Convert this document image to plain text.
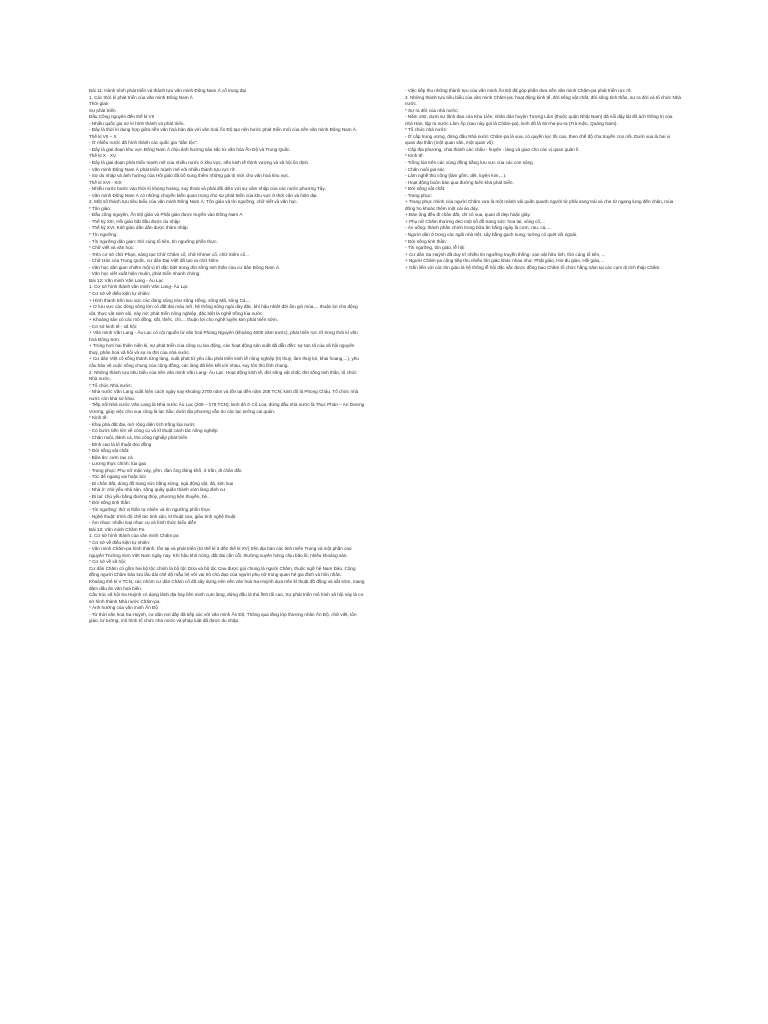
Bài 11: Hành trình phát triển và thành tựu văn minh Đông Nam Á cổ trung đại

1. Các thời kì phát triển của văn minh Đông Nam Á

Thời gian

Sự phát triển

Đầu Công nguyên đến thế kỉ VII

- Nhiều quốc gia sơ kì hình thành và phát triển.

- Đây là thời kì dung hợp giữa nền văn hoá bản địa với văn hoá Ấn Độ tạo nên bước phát triển mới của nền văn minh Đông Nam Á.

Thế kỉ VII – X

- Ở nhiều nước đã hình thành các quốc gia "dân tộc".

- Đây là giai đoạn khu vực Đông Nam Á chịu ảnh hưởng sâu sắc từ văn hóa Ấn Độ và Trung Quốc.

Thế kỉ X - XV

- Đây là giai đoạn phát triển mạnh mẽ của nhiều nước ở khu vực, nền kinh tế thịnh vượng và xã hội ổn định.

- Văn minh Đông Nam Á phát triển mạnh mẽ với nhiều thành tựu rực rỡ.

- Sự du nhập và ảnh hưởng của Hồi giáo đã bổ sung thêm những giá trị mới cho văn hoá khu vực.

Thế kỉ XVI - XIX

- Nhiều nước bước vào thời kì khủng hoảng, suy thoái và phải đối diện với sự xâm nhập của các nước phương Tây.

- Văn minh Đông Nam Á có những chuyển biến quan trọng cho sự phát triển của khu vực ở thời cận và hiện đại.

2. Một số thành tựu tiêu biểu của văn minh Đông Nam Á: Tôn giáo và tín ngưỡng, chữ viết và văn học.

* Tôn giáo:

- Đầu công nguyên, Ấn Độ giáo và Phật giáo được truyền vào Đông Nam Á

- Thế kỷ XIII, Hồi giáo bắt đầu được du nhập

- Thế kỷ XVI, Kitô giáo dần dần được thâm nhập

* Tín ngưỡng:

- Tín ngưỡng dân gian: thờ cúng tổ tiên, tín ngưỡng phồn thực.

* Chữ viết và văn học:

- Trên cơ sở chữ Phạn, sáng tạo Chữ Chăm cổ, chữ Khmer cổ, chữ Xiêm cổ...

- Chữ Hán của Trung Quốc, cư dân Đại Việt đã tạo ra chữ Nôm.

- Văn học dân gian chiếm một vị trí đặc biệt trong đời sống tinh thần của cư dân Đông Nam Á.

- Văn học viết xuất hiện muộn, phát triển nhanh chóng.

Bài 12: Văn minh Văn Lang - Âu Lạc

1. Cơ sở hình thành văn minh Văn Lang- Âu Lạc

* Cơ sở về điều kiện tự nhiên:

+ Hình thành trên lưu vực các dòng sông như sông Hồng, sông Mã, sông Cả,...

+ Ở lưu vực các dòng sông lớn có đất đai màu mỡ, hệ thống sông ngòi dày đặc, khí hậu nhiệt đới ẩm gió mùa,... thuận lợi cho động vật, thực vật sinh sôi, nảy nở; phát triển nông nghiệp, đặc biệt là nghề trồng lúa nước

+ Khoáng sản có các mỏ đồng, sắt, thiếc, chì,... thuận lợi cho nghề luyện kim phát triển sớm.

- Cơ sở kinh tế - xã hội:

+ Văn minh Văn Lang - Âu Lạc có cội nguồn từ văn hoá Phùng Nguyên (khoảng 4000 năm trước), phát triển rực rỡ trong thời kì văn hoá Đông Sơn.

+ Trong hơn hai thiên niên kỉ, sự phát triển của công cụ lao động, các hoạt động sản xuất đã dẫn đến: sự tan rã của xã hội nguyên thuỷ, phân hoá xã hội và sự ra đời của nhà nước.

+ Cư dân Việt cổ sống thành từng làng, xuất phát từ yêu cầu phát triển kinh tế nông nghiệp (trị thuỷ, làm thuỷ lợi, khai hoang,...), yêu cầu bảo vệ cuộc sống chung của cộng đồng, các làng đã liên kết với nhau, suy tôn thủ lĩnh chung.

2. Những thành tựu tiêu biểu của nền văn minh Văn Lang- Âu Lạc: Hoạt động kinh tế, đời sống vật chất, đời sống tinh thần, tổ chức Nhà nước.

* Tổ chức Nhà nước:

- Nhà nước Văn Lang xuất hiện cách ngày nay khoảng 2700 năm và tồn tại đến năm 208 TCN; kinh đô là Phong Châu. Tổ chức nhà nước còn khá sơ khai.

- Tiếp nối Nhà nước Văn Lang là Nhà nước Âu Lạc (208 – 179 TCN); kinh đô ở Cổ Loa; đứng đầu nhà nước là Thục Phán – An Dương Vương, giúp việc cho vua cũng là lạc hầu; dưới địa phương vẫn do các lạc tướng cai quản.

* Kinh tế:

- Khai phá đất đai, mở rộng diện tích trồng lúa nước

- Có bước tiến lớn về công cụ và kĩ thuật canh tác nông nghiệp

- Chăn nuôi, đánh cá, thủ công nghiệp phát triển

- Đỉnh cao là kĩ thuật đúc đồng

* Đời sống vật chất:

- Bữa ăn: cơm rau cá

- Lương thực chính: lúa gạo

- Trang phục: Phụ nữ mặc váy, yếm, đàn ông đóng khố, ở trần, đi chân đất.

- Tóc để ngang vai hoặc búi

- Đi chân đất, dùng đồ trang sức bằng sừng, ngà động vật, đá, kim loại

- Nhà ở: chủ yếu nhà sàn, sống quây quần thành xóm làng đinh cư

- Đi lại: chủ yếu bằng đường thủy, phương tiện thuyền, bè...

* Đời sống tinh thần:

- Tín ngưỡng: thờ vị thần tự nhiên và tín ngưỡng phồn thực

- Nghệ thuật: trình độ chế tác tinh xảo, kĩ thuật cao, giàu tính nghệ thuật

- Âm nhạc: nhiều loại nhạc cụ và hình thức biểu diễn

Bài 13: Văn minh Chăm Pa

1. Cơ sở hình thành của văn minh Chăm pa

* Cơ sở về điều kiện tự nhiên:

- Văn minh Chăm-pa hình thành, tồn tại và phát triển (từ thế kỉ II đến thế kỉ XV) trên địa bàn các tỉnh miền Trung và một phần cao nguyên Trường Sơn Việt Nam ngày nay. Khí hậu khô nóng, đất đai cằn cỗi, thường xuyên hứng chịu bão lũ, nhiều khoáng sản.

* Cơ sở về xã hội:

Cư dân Chăm có gồm hai bộ tộc chính là bộ tộc Dừa và bộ tộc Cau được gọi chung là người Chăm, thuộc ngữ hệ Nam Đảo. Cộng đồng người Chăm bảo lưu lâu dài chế độ mẫu hệ với vai trò chủ đạo của người phụ nữ trong quan hệ gia đình và hôn nhân.

Khoảng thế kỉ V TCN, các nhóm cư dân Chăm cổ đã xây dựng nên nền văn hoá Sa Huỳnh dựa trên kĩ thuật đồ đồng và sắt sớm, mang đậm dấu ấn văn hoá biển.

Cấu trúc xã hội Sa Huỳnh có dạng lãnh địa hay liên minh cụm làng, đứng đầu là thủ lĩnh tối cao. Sự phát triển mô hình xã hội này là cơ sở hình thành Nhà nước Chăm-pa.

* Ảnh hưởng của văn minh Ấn Độ

- Từ thời văn hoá Sa Huỳnh, cư dân nơi đây đã tiếp xúc với văn minh Ấn Độ. Thông qua tầng lớp thương nhân Ấn Độ, chữ viết, tôn giáo, tư tưởng, mô hình tổ chức nhà nước và pháp luật đã được du nhập.

- Việc tiếp thu những thành tựu của văn minh Ấn Độ đã góp phần đưa nền văn minh Chăm-pa phát triển rực rỡ.

2. Những thành tựu tiêu biểu của văn minh Chăm-pa: hoạt động kinh tế, đời sống vật chất, đời sống tinh thần, sự ra đời và tổ chức Nhà nước.

* Sự ra đời của nhà nước:

- Năm 192, dưới sự lãnh đạo của Khu Liên, nhân dân huyện Tượng Lâm (thuộc quận Nhật Nam) đã nổi dậy lật đổ ách thống trị của nhà Hán, lập ra nước Lâm Ấp (sau này gọi là Chăm-pa), kinh đô là Sin-ha-pu-ra (Trà Kiệu, Quảng Nam).

* Tổ chức nhà nước:

- Ở cấp trung ương, đứng đầu Nhà nước Chăm-pa là vua, có quyền lực tối cao, theo chế độ cha truyền con nối. Dưới vua là hai vị quan đại thần (một quan văn, một quan võ).

- Cấp địa phương, chia thành các châu - huyện - làng và giao cho các vị quan quản lí.

* Kinh tế:

- Trồng lúa trên các vùng đồng bằng lưu vực của các con sông

- Chăn nuôi gia súc

- Làm nghề thủ công (làm gốm, dệt, luyện kim,...).

- Hoạt động buôn bán qua đường biển khá phát triển.

* Đời sống vật chất:

- Trang phục:

+ Trang phục chính của người Chăm xưa là một mảnh vải quấn quanh người từ phải sang trái và che từ ngang lưng đến chân, mùa đông họ khoác thêm một cái áo dày.

+ Đàn ông đều đi chân đất, chỉ có vua, quan đi dép hoặc giày.

+ Phụ nữ Chăm thường đeo một số đồ trang sức: hoa tai, vòng cổ,...

- Ăn uống: thành phần chính trong bữa ăn hằng ngày là cơm, rau, cá,...

- Người dân ở trong các ngôi nhà trệt, xây bằng gạch nung, tường có quét vôi ngoài.

* Đời sống tinh thần:

- Tín ngưỡng, tôn giáo, lễ hội

+ Cư dân Sa Huỳnh đã duy trì nhiều tín ngưỡng truyền thống: vạn vật hữu linh, thờ cúng tổ tiên, ...

+ Người Chăm-pa cũng tiếp thu nhiều tôn giáo khác nhau như: Phật giáo, Hin-đu giáo, Hồi giáo,...

+ Gắn liền với các tôn giáo là hệ thống lễ hội đặc sắc được đồng bao Chăm tổ chức hằng năm tại các cụm di tích tháp Chăm.
